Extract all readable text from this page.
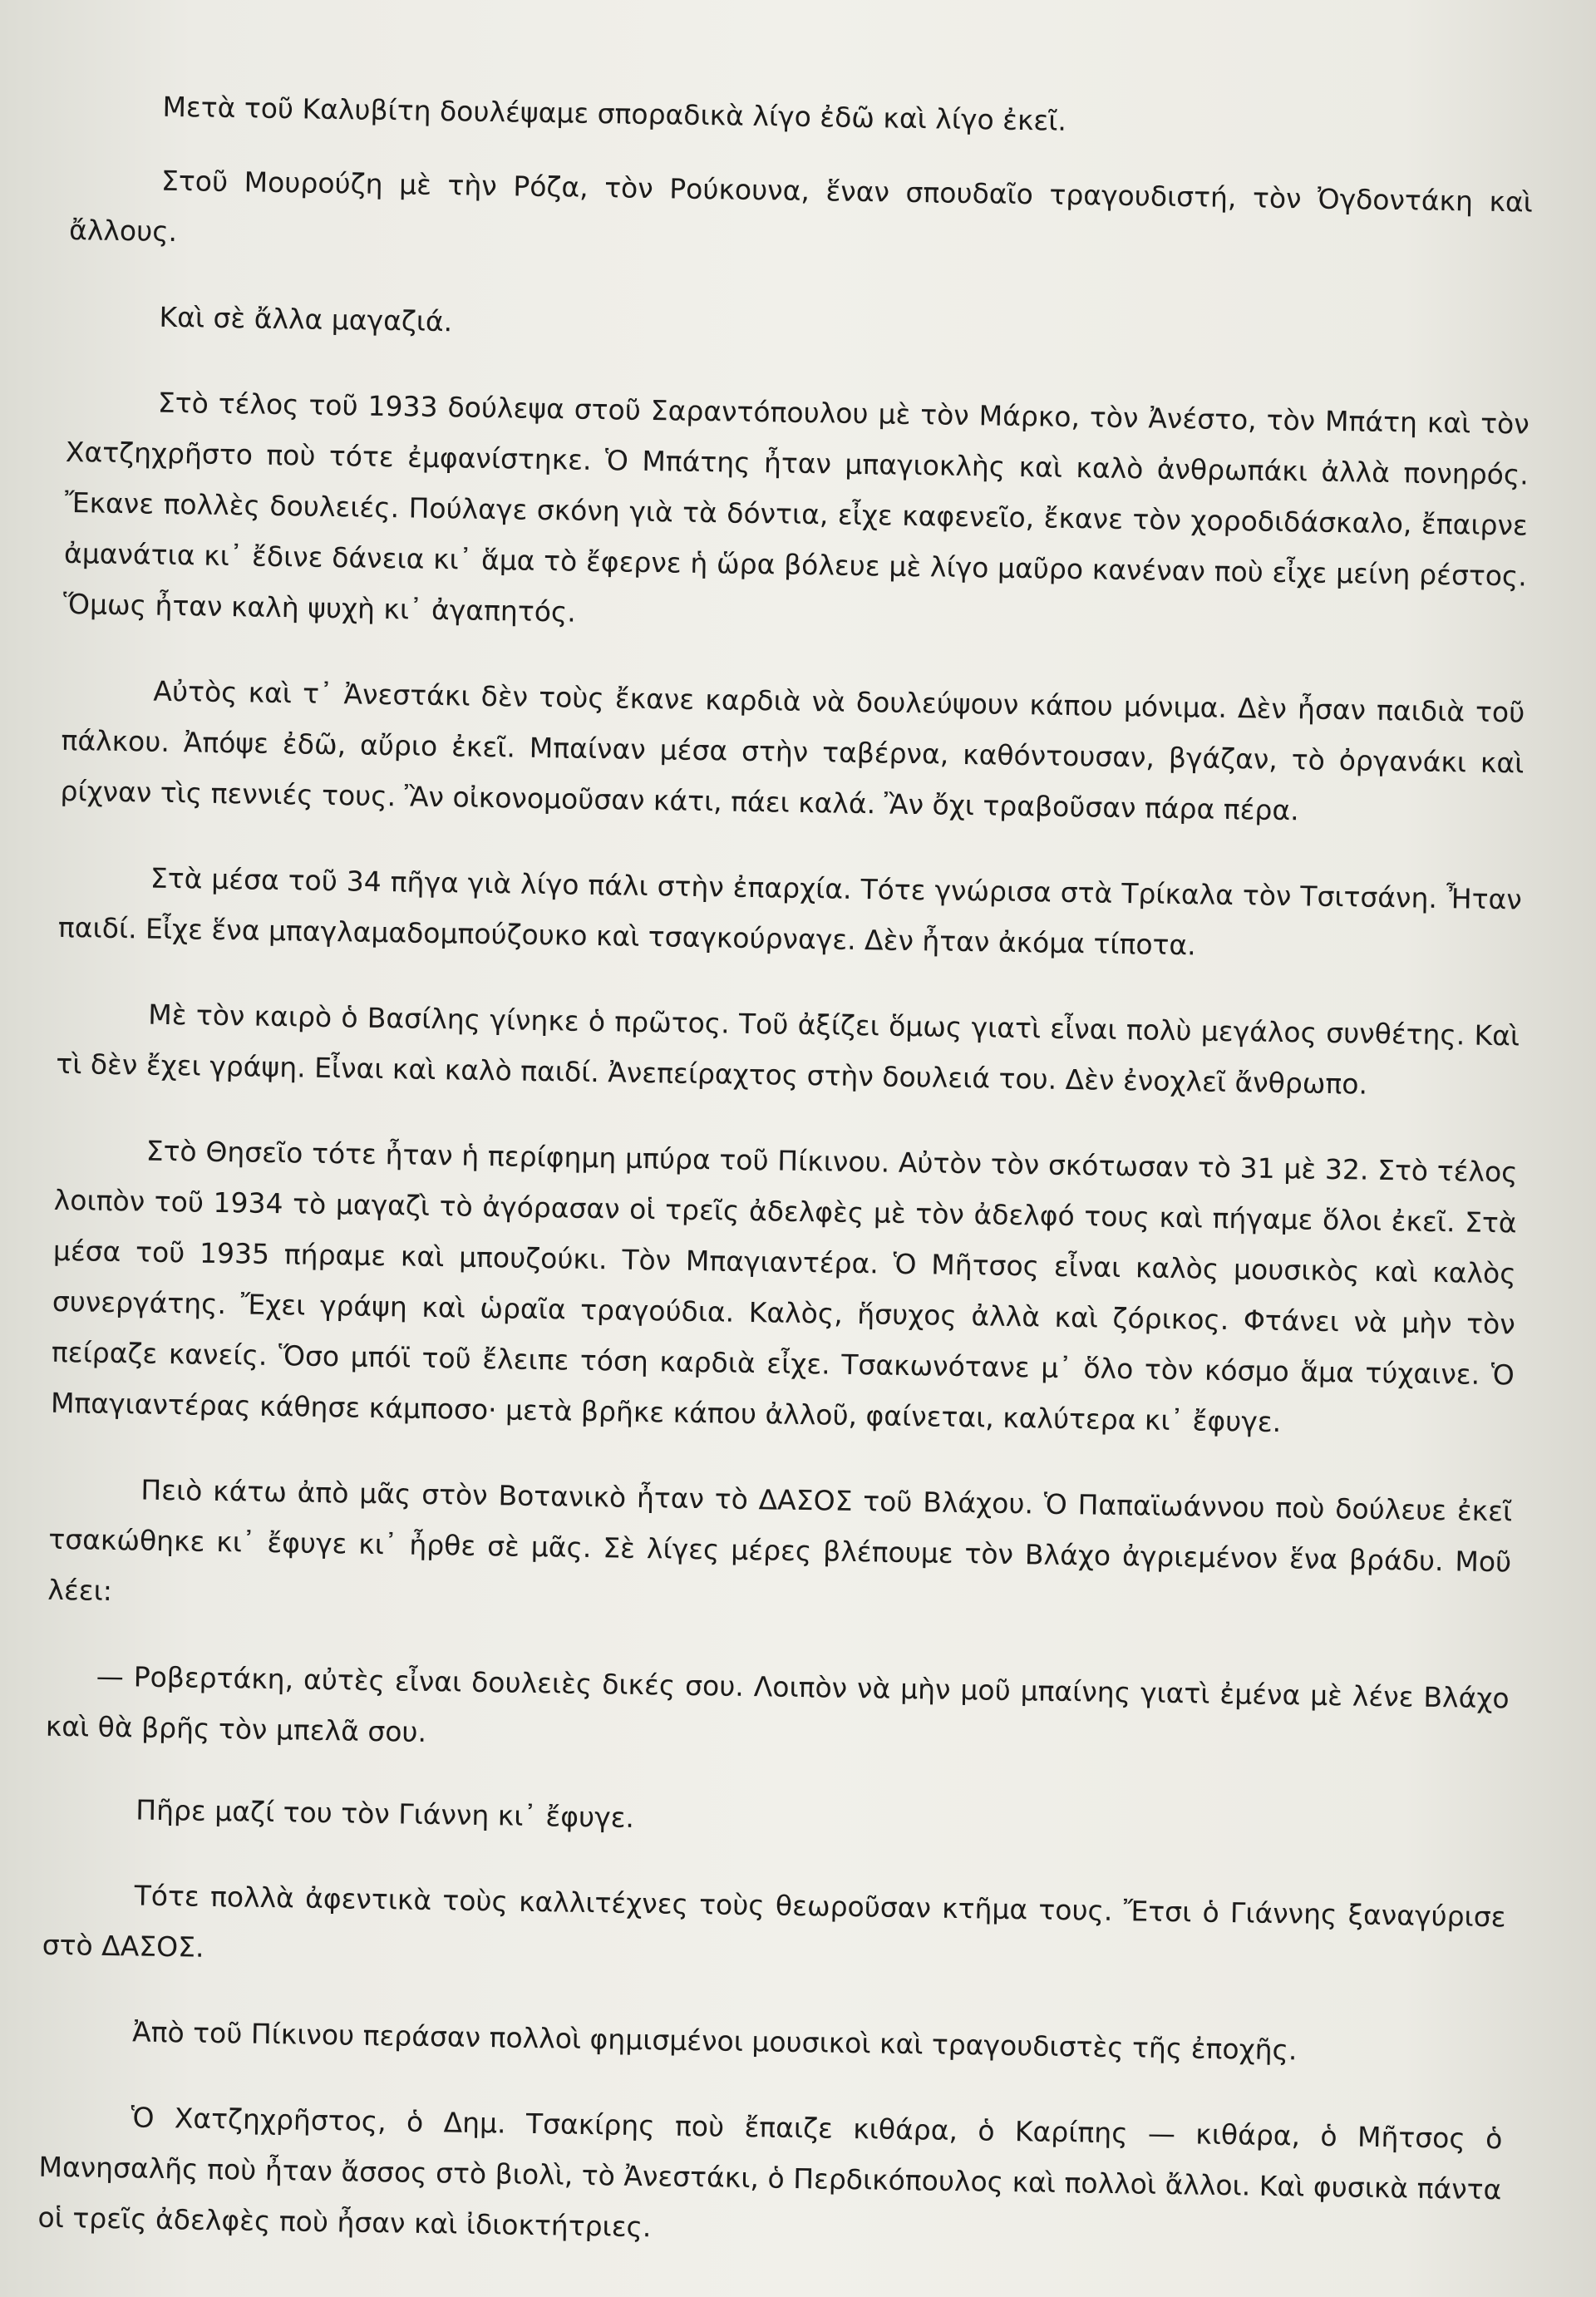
Μετὰ τοῦ Καλυβίτη δουλέψαμε σποραδικὰ λίγο ἐδῶ καὶ λίγο ἐκεῖ.

Στοῦ Μουρούζη μὲ τὴν Ρόζα, τὸν Ρούκουνα, ἕναν σπουδαῖο τραγουδιστή, τὸν Ὀγδοντάκη καὶ ἄλλους.

Καὶ σὲ ἄλλα μαγαζιά.

Στὸ τέλος τοῦ 1933 δούλεψα στοῦ Σαραντόπουλου μὲ τὸν Μάρκο, τὸν Ἀνέστο, τὸν Μπάτη καὶ τὸν Χατζηχρῆστο ποὺ τότε ἐμφανίστηκε. Ὁ Μπάτης ἦταν μπαγιοκλὴς καὶ καλὸ ἀνθρωπάκι ἀλλὰ πονηρός. Ἔκανε πολλὲς δουλειές. Πούλαγε σκόνη γιὰ τὰ δόντια, εἶχε καφενεῖο, ἔκανε τὸν χοροδιδάσκαλο, ἔπαιρνε ἀμανάτια κι᾽ ἔδινε δάνεια κι᾽ ἅμα τὸ ἔφερνε ἡ ὥρα βόλευε μὲ λίγο μαῦρο κανέναν ποὺ εἶχε μείνη ρέστος. Ὅμως ἦταν καλὴ ψυχὴ κι᾽ ἀγαπητός.

Αὐτὸς καὶ τ᾽ Ἀνεστάκι δὲν τοὺς ἔκανε καρδιὰ νὰ δουλεύψουν κάπου μόνιμα. Δὲν ἦσαν παιδιὰ τοῦ πάλκου. Ἀπόψε ἐδῶ, αὔριο ἐκεῖ. Μπαίναν μέσα στὴν ταβέρνα, καθόντουσαν, βγάζαν, τὸ ὀργανάκι καὶ ρίχναν τὶς πεννιές τους. Ἂν οἰκονομοῦσαν κάτι, πάει καλά. Ἂν ὄχι τραβοῦσαν πάρα πέρα.

Στὰ μέσα τοῦ 34 πῆγα γιὰ λίγο πάλι στὴν ἐπαρχία. Τότε γνώρισα στὰ Τρίκαλα τὸν Τσιτσάνη. Ἦταν παιδί. Εἶχε ἕνα μπαγλαμαδομπούζουκο καὶ τσαγκούρναγε. Δὲν ἦταν ἀκόμα τίποτα.

Μὲ τὸν καιρὸ ὁ Βασίλης γίνηκε ὁ πρῶτος. Τοῦ ἀξίζει ὅμως γιατὶ εἶναι πολὺ μεγάλος συνθέτης. Καὶ τὶ δὲν ἔχει γράψη. Εἶναι καὶ καλὸ παιδί. Ἀνεπείραχτος στὴν δουλειά του. Δὲν ἐνοχλεῖ ἄνθρωπο.

Στὸ Θησεῖο τότε ἦταν ἡ περίφημη μπύρα τοῦ Πίκινου. Αὐτὸν τὸν σκότωσαν τὸ 31 μὲ 32. Στὸ τέλος λοιπὸν τοῦ 1934 τὸ μαγαζὶ τὸ ἀγόρασαν οἱ τρεῖς ἀδελφὲς μὲ τὸν ἀδελφό τους καὶ πήγαμε ὅλοι ἐκεῖ. Στὰ μέσα τοῦ 1935 πήραμε καὶ μπουζούκι. Τὸν Μπαγιαντέρα. Ὁ Μῆτσος εἶναι καλὸς μουσικὸς καὶ καλὸς συνεργάτης. Ἔχει γράψη καὶ ὡραῖα τραγούδια. Καλὸς, ἥσυχος ἀλλὰ καὶ ζόρικος. Φτάνει νὰ μὴν τὸν πείραζε κανείς. Ὅσο μπόϊ τοῦ ἔλειπε τόση καρδιὰ εἶχε. Τσακωνότανε μ᾽ ὅλο τὸν κόσμο ἅμα τύχαινε. Ὁ Μπαγιαντέρας κάθησε κάμποσο· μετὰ βρῆκε κάπου ἀλλοῦ, φαίνεται, καλύτερα κι᾽ ἔφυγε.

Πειὸ κάτω ἀπὸ μᾶς στὸν Βοτανικὸ ἦταν τὸ ΔΑΣΟΣ τοῦ Βλάχου. Ὁ Παπαϊωάννου ποὺ δούλευε ἐκεῖ τσακώθηκε κι᾽ ἔφυγε κι᾽ ἦρθε σὲ μᾶς. Σὲ λίγες μέρες βλέπουμε τὸν Βλάχο ἀγριεμένον ἕνα βράδυ. Μοῦ λέει:

— Ροβερτάκη, αὐτὲς εἶναι δουλειὲς δικές σου. Λοιπὸν νὰ μὴν μοῦ μπαίνης γιατὶ ἐμένα μὲ λένε Βλάχο καὶ θὰ βρῆς τὸν μπελᾶ σου.

Πῆρε μαζί του τὸν Γιάννη κι᾽ ἔφυγε.

Τότε πολλὰ ἀφεντικὰ τοὺς καλλιτέχνες τοὺς θεωροῦσαν κτῆμα τους. Ἔτσι ὁ Γιάννης ξαναγύρισε στὸ ΔΑΣΟΣ.

Ἀπὸ τοῦ Πίκινου περάσαν πολλοὶ φημισμένοι μουσικοὶ καὶ τραγουδιστὲς τῆς ἐποχῆς.

Ὁ Χατζηχρῆστος, ὁ Δημ. Τσακίρης ποὺ ἔπαιζε κιθάρα, ὁ Καρίπης — κιθάρα, ὁ Μῆτσος ὁ Μανησαλῆς ποὺ ἦταν ἄσσος στὸ βιολὶ, τὸ Ἀνεστάκι, ὁ Περδικόπουλος καὶ πολλοὶ ἄλλοι. Καὶ φυσικὰ πάντα οἱ τρεῖς ἀδελφὲς ποὺ ἦσαν καὶ ἰδιοκτήτριες.
